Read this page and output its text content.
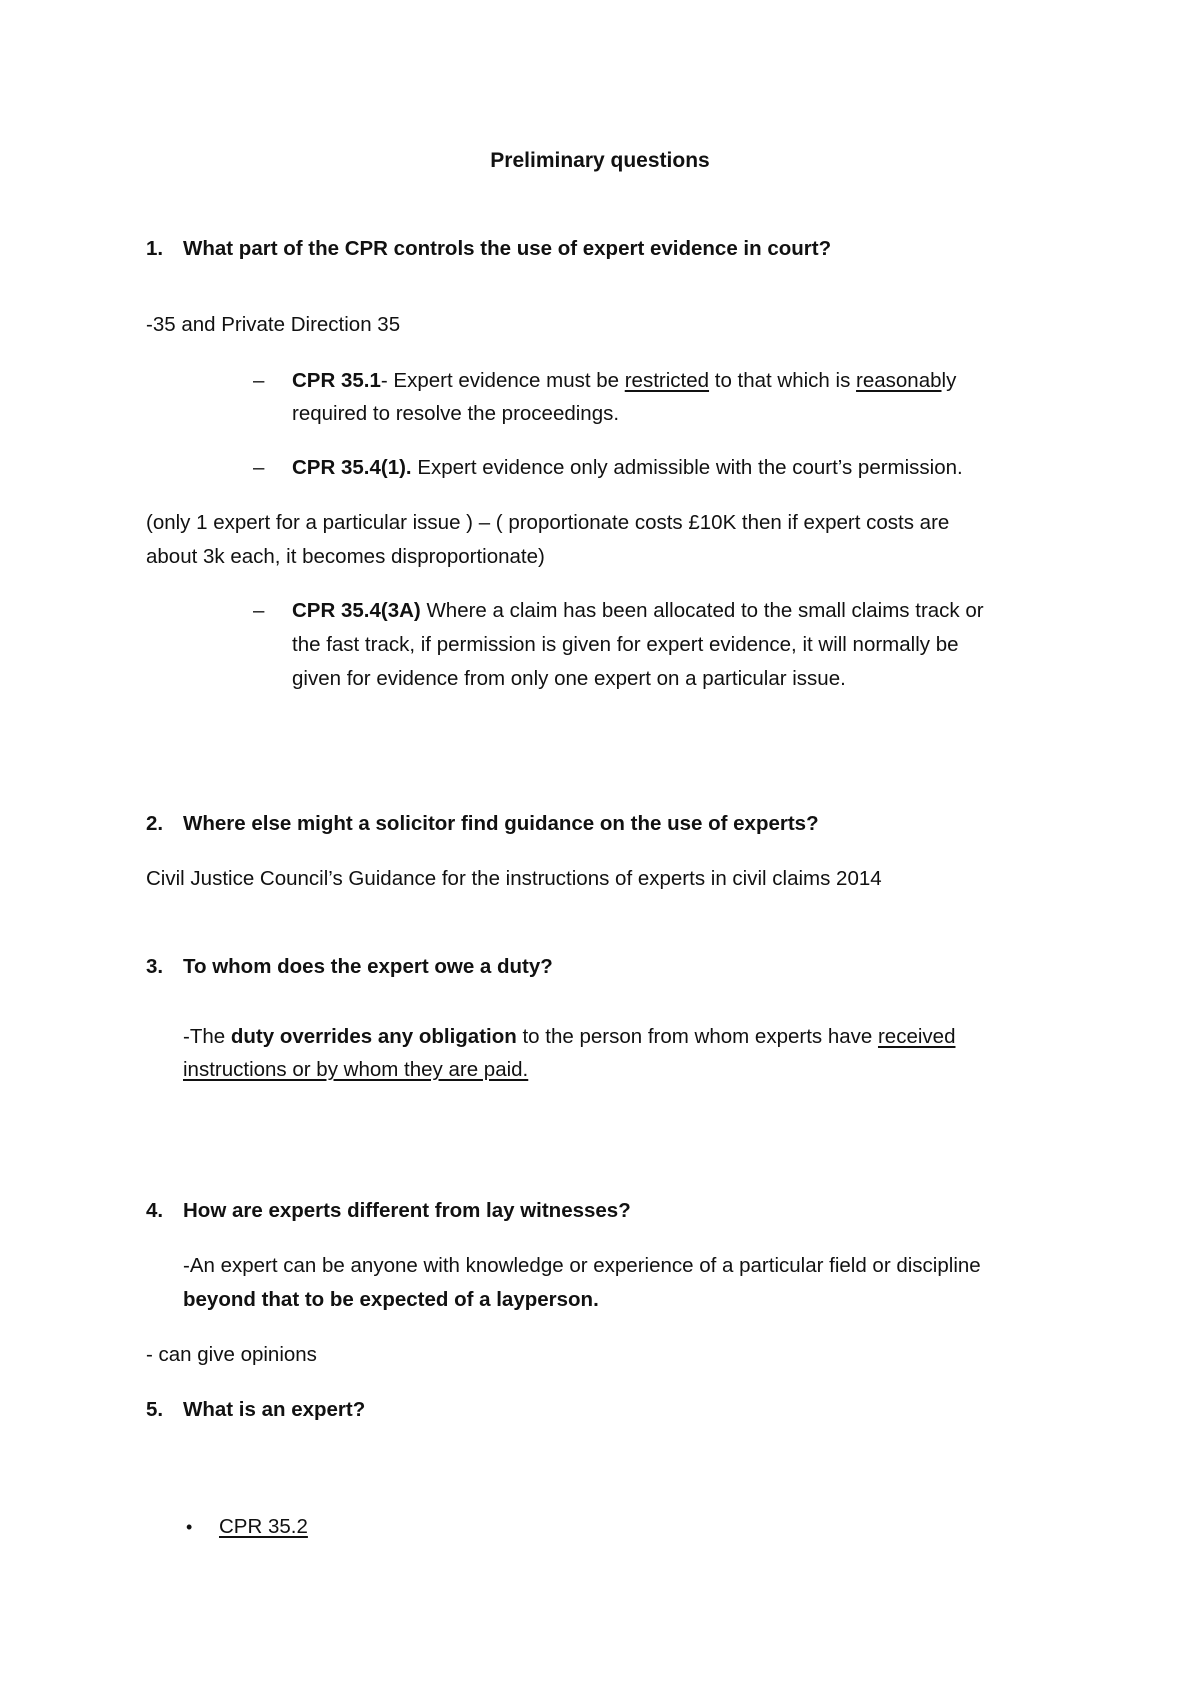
Preliminary questions
1. What part of the CPR controls the use of expert evidence in court?
-35 and Private Direction 35
– CPR 35.1- Expert evidence must be restricted to that which is reasonably
required to resolve the proceedings.
– CPR 35.4(1). Expert evidence only admissible with the court’s permission.
(only 1 expert for a particular issue ) – ( proportionate costs £10K then if expert costs are
about 3k each, it becomes disproportionate)
– CPR 35.4(3A) Where a claim has been allocated to the small claims track or
the fast track, if permission is given for expert evidence, it will normally be
given for evidence from only one expert on a particular issue.
2. Where else might a solicitor find guidance on the use of experts?
Civil Justice Council’s Guidance for the instructions of experts in civil claims 2014
3. To whom does the expert owe a duty?
-The duty overrides any obligation to the person from whom experts have received
instructions or by whom they are paid.
4. How are experts different from lay witnesses?
-An expert can be anyone with knowledge or experience of a particular field or discipline
beyond that to be expected of a layperson.
- can give opinions
5. What is an expert?
• CPR 35.2
